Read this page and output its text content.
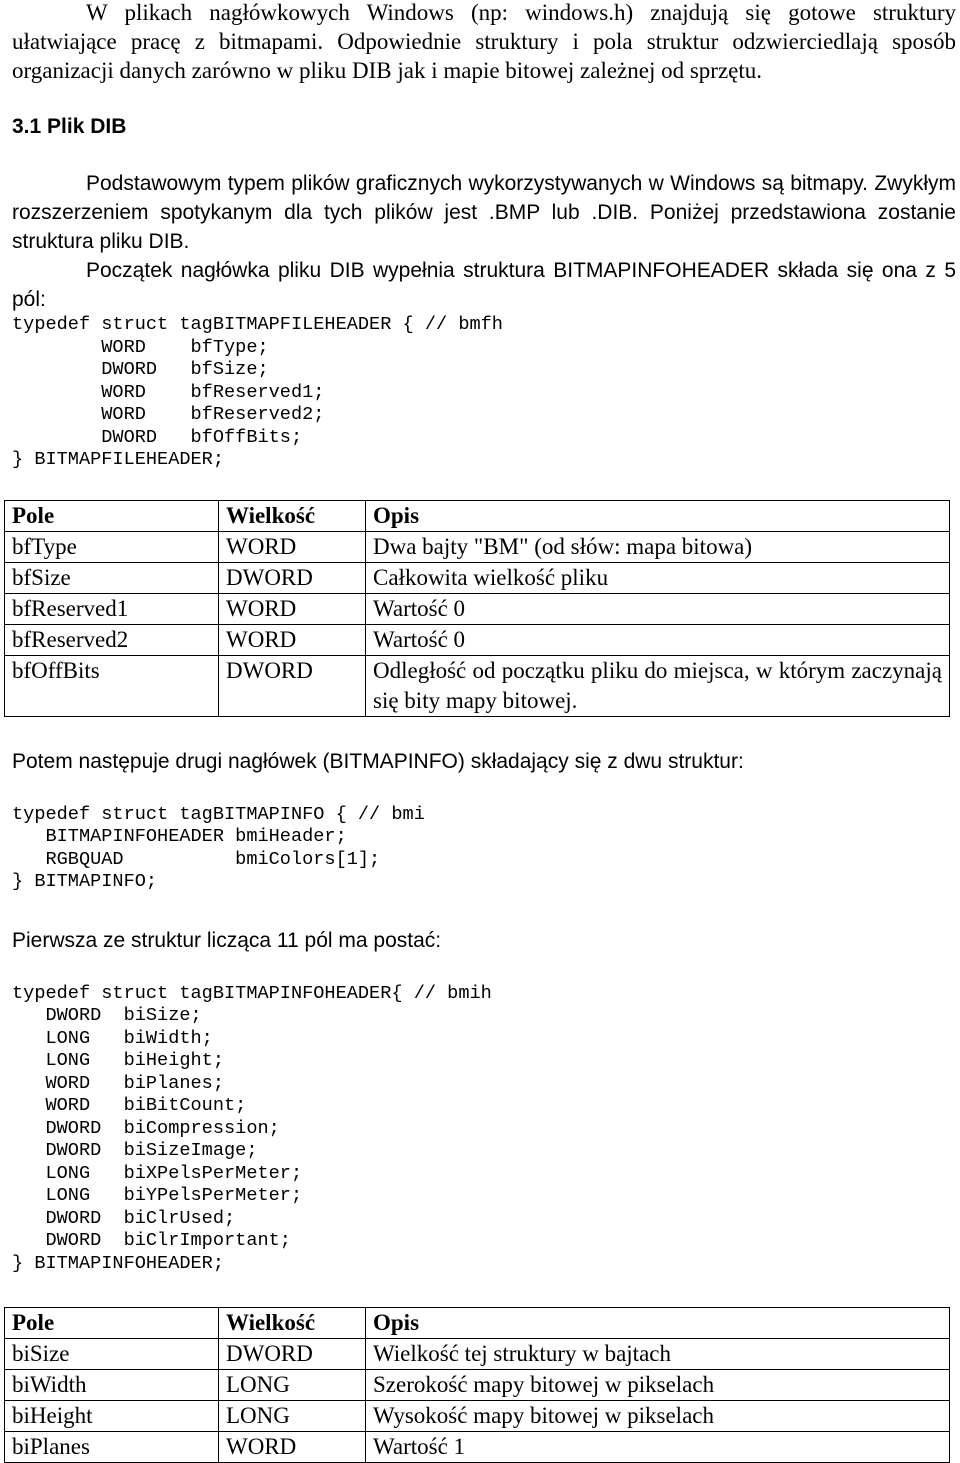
W plikach nagłówkowych Windows (np: windows.h) znajdują się gotowe struktury ułatwiające pracę z bitmapami. Odpowiednie struktury i pola struktur odzwierciedlają sposób organizacji danych zarówno w pliku DIB jak i mapie bitowej zależnej od sprzętu.

3.1 Plik DIB

Podstawowym typem plików graficznych wykorzystywanych w Windows są bitmapy. Zwykłym rozszerzeniem spotykanym dla tych plików jest .BMP lub .DIB. Poniżej przedstawiona zostanie struktura pliku DIB.

Początek nagłówka pliku DIB wypełnia struktura BITMAPINFOHEADER składa się ona z 5 pól:

typedef struct tagBITMAPFILEHEADER { // bmfh
WORD    bfType;
DWORD   bfSize;
WORD    bfReserved1;
WORD    bfReserved2;
DWORD   bfOffBits;
} BITMAPFILEHEADER;
Pole	Wielkość	Opis
bfType	WORD	Dwa bajty "BM" (od słów: mapa bitowa)
bfSize	DWORD	Całkowita wielkość pliku
bfReserved1	WORD	Wartość 0
bfReserved2	WORD	Wartość 0
bfOffBits	DWORD	Odległość od początku pliku do miejsca, w którym zaczynają się bity mapy bitowej.

Potem następuje drugi nagłówek (BITMAPINFO) składający się z dwu struktur:

typedef struct tagBITMAPINFO { // bmi
BITMAPINFOHEADER bmiHeader;
RGBQUAD          bmiColors[1];
} BITMAPINFO;

Pierwsza ze struktur licząca 11 pól ma postać:

typedef struct tagBITMAPINFOHEADER{ // bmih
DWORD  biSize;
LONG   biWidth;
LONG   biHeight;
WORD   biPlanes;
WORD   biBitCount;
DWORD  biCompression;
DWORD  biSizeImage;
LONG   biXPelsPerMeter;
LONG   biYPelsPerMeter;
DWORD  biClrUsed;
DWORD  biClrImportant;
} BITMAPINFOHEADER;
Pole	Wielkość	Opis
biSize	DWORD	Wielkość tej struktury w bajtach
biWidth	LONG	Szerokość mapy bitowej w pikselach
biHeight	LONG	Wysokość mapy bitowej w pikselach
biPlanes	WORD	Wartość 1
